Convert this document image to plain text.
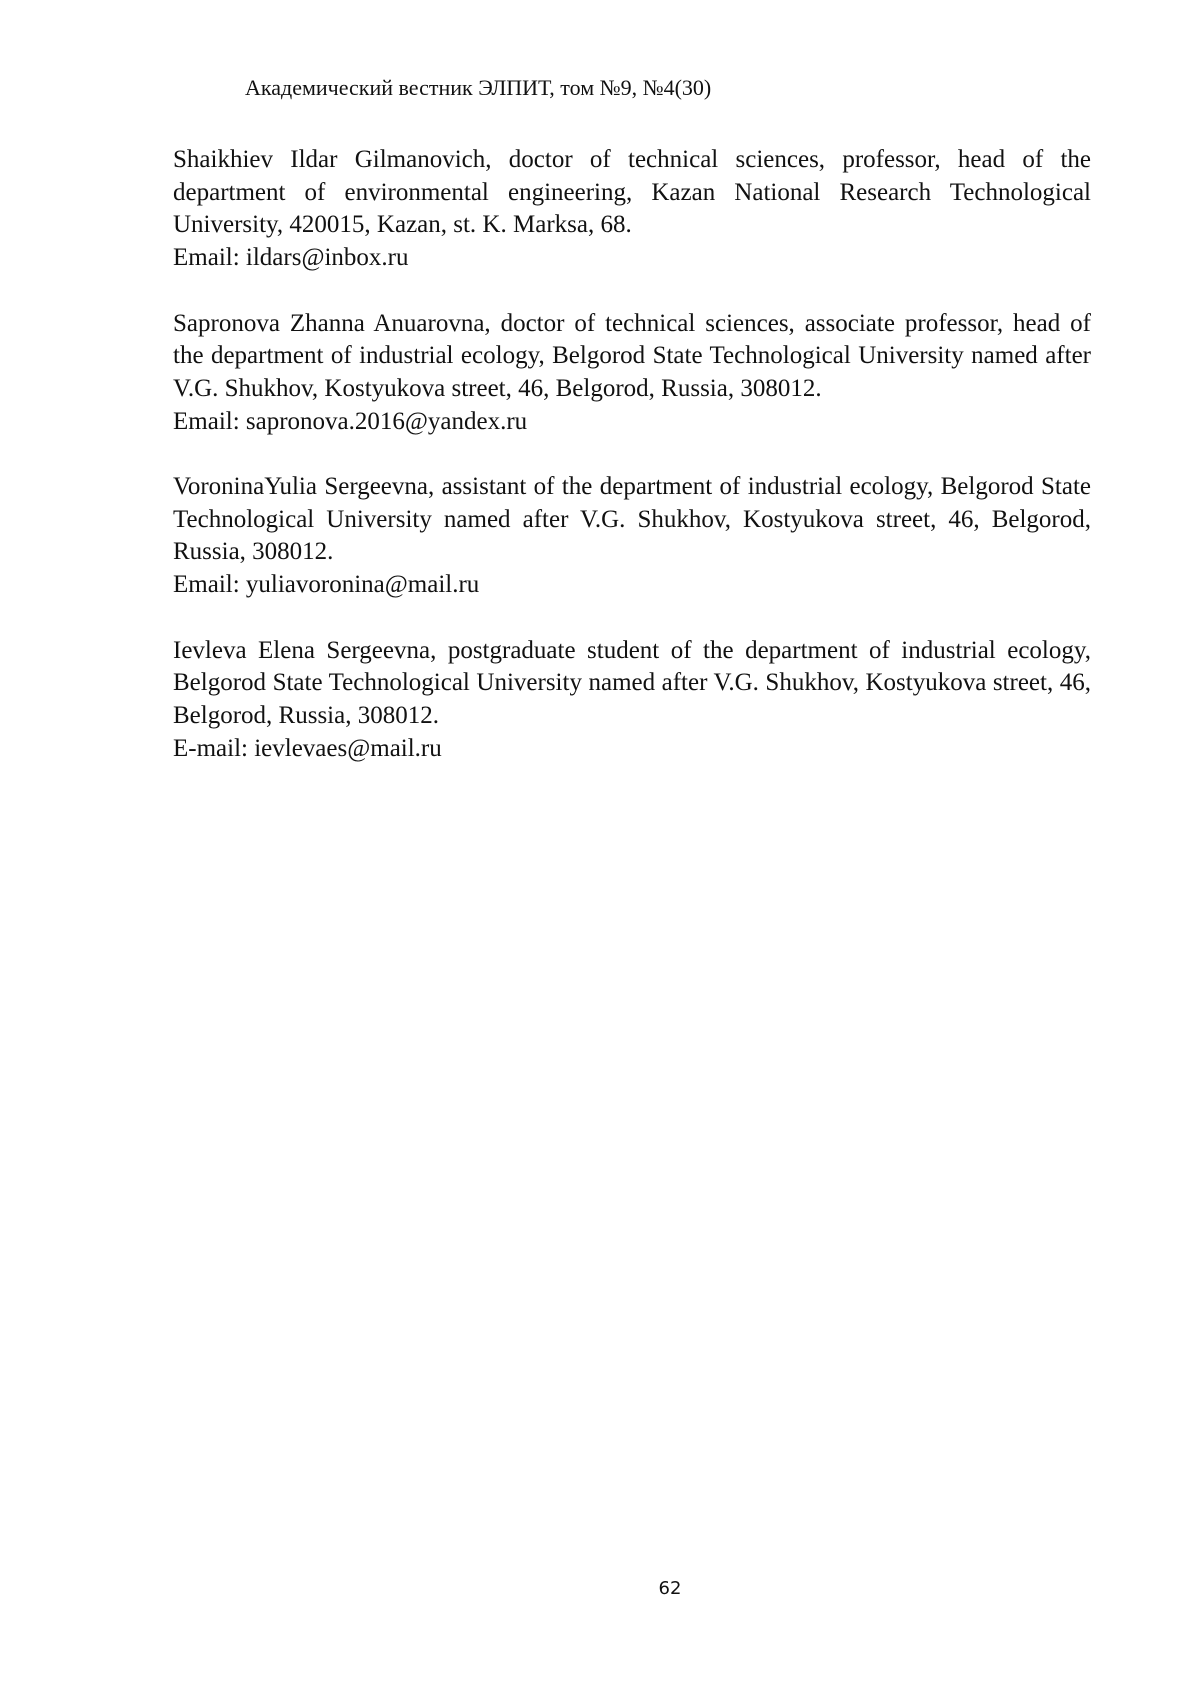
Академический вестник ЭЛПИТ, том №9, №4(30)

Shaikhiev Ildar Gilmanovich, doctor of technical sciences, professor, head of the department of environmental engineering, Kazan National Research Technological University, 420015, Kazan, st. K. Marksa, 68.

Email: ildars@inbox.ru

Sapronova Zhanna Anuarovna, doctor of technical sciences, associate professor, head of the department of industrial ecology, Belgorod State Technological University named after V.G. Shukhov, Kostyukova street, 46, Belgorod, Russia, 308012.

Email: sapronova.2016@yandex.ru

VoroninaYulia Sergeevna, assistant of the department of industrial ecology, Belgorod State Technological University named after V.G. Shukhov, Kostyukova street, 46, Belgorod, Russia, 308012.

Email: yuliavoronina@mail.ru

Ievleva Elena Sergeevna, postgraduate student of the department of industrial ecology, Belgorod State Technological University named after V.G. Shukhov, Kostyukova street, 46, Belgorod, Russia, 308012.

E-mail: ievlevaes@mail.ru

62
